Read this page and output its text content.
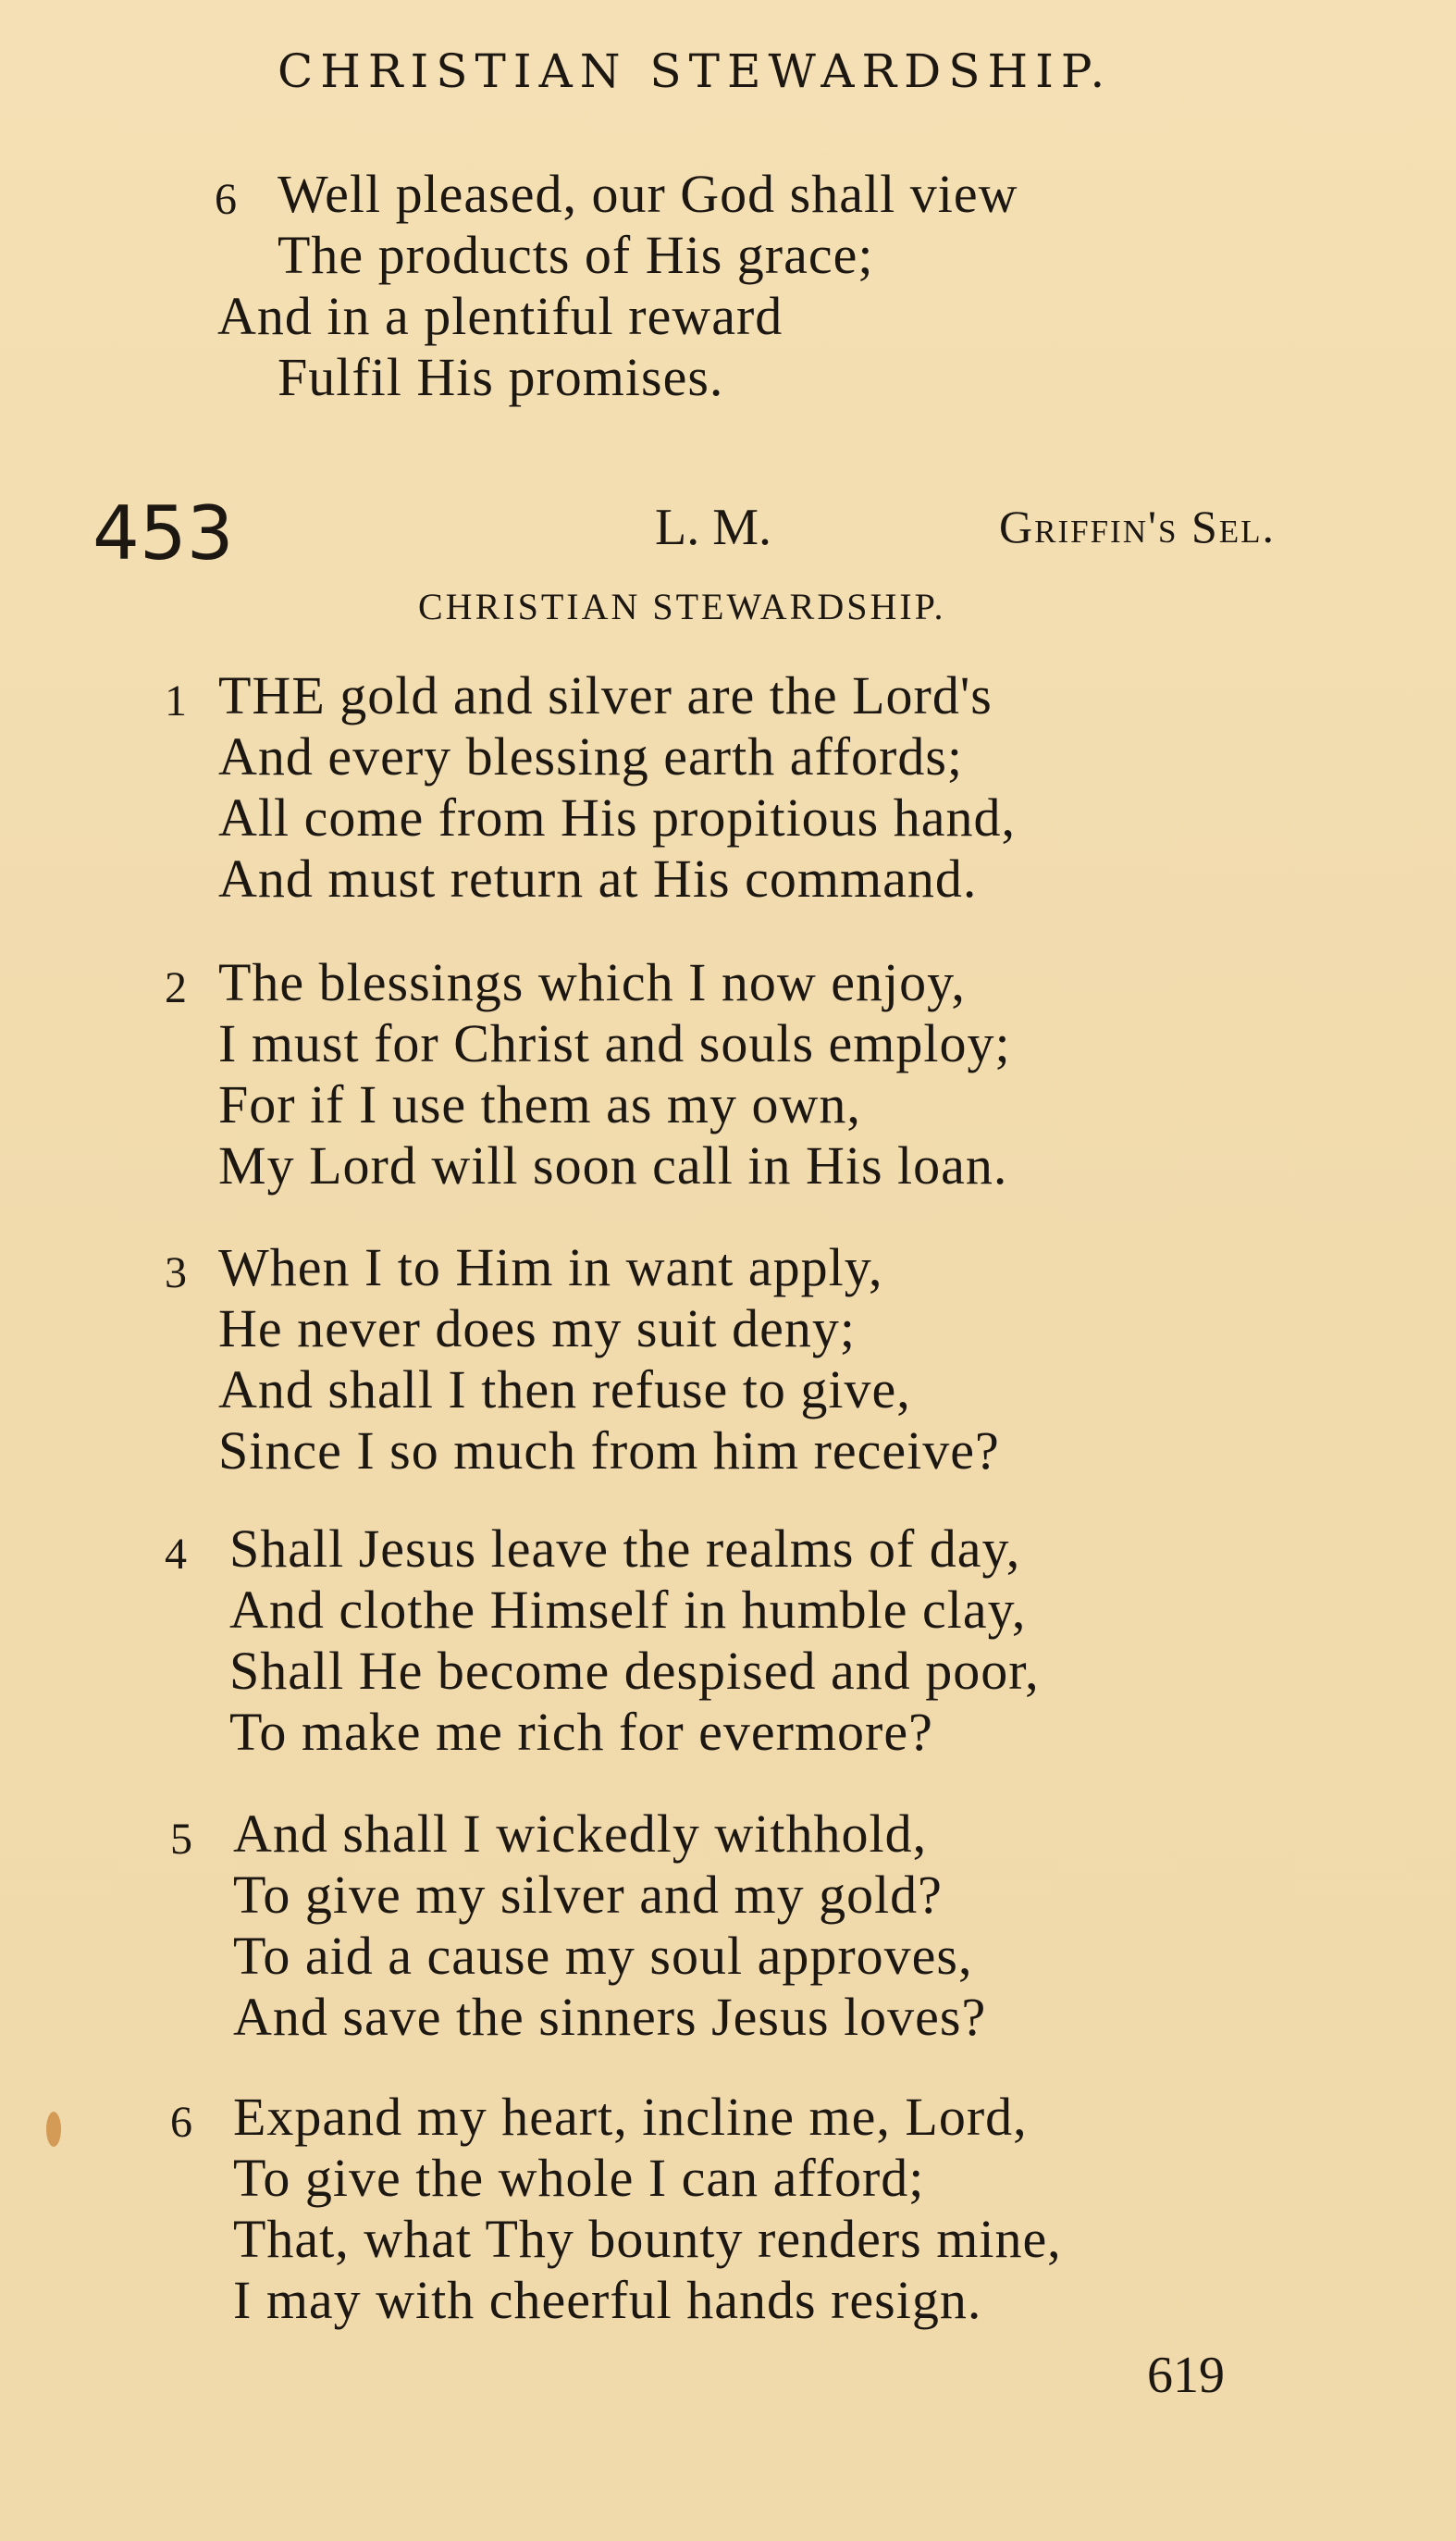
CHRISTIAN STEWARDSHIP.
6 Well pleased, our God shall view
The products of His grace;
And in a plentiful reward
Fulfil His promises.
453	L. M.	Griffin's Sel.
CHRISTIAN STEWARDSHIP.
1 THE gold and silver are the Lord's
And every blessing earth affords;
All come from His propitious hand,
And must return at His command.
2 The blessings which I now enjoy,
I must for Christ and souls employ;
For if I use them as my own,
My Lord will soon call in His loan.
3 When I to Him in want apply,
He never does my suit deny;
And shall I then refuse to give,
Since I so much from him receive?
4 Shall Jesus leave the realms of day,
And clothe Himself in humble clay,
Shall He become despised and poor,
To make me rich for evermore?
5 And shall I wickedly withhold,
To give my silver and my gold?
To aid a cause my soul approves,
And save the sinners Jesus loves?
6 Expand my heart, incline me, Lord,
To give the whole I can afford;
That, what Thy bounty renders mine,
I may with cheerful hands resign.
619
